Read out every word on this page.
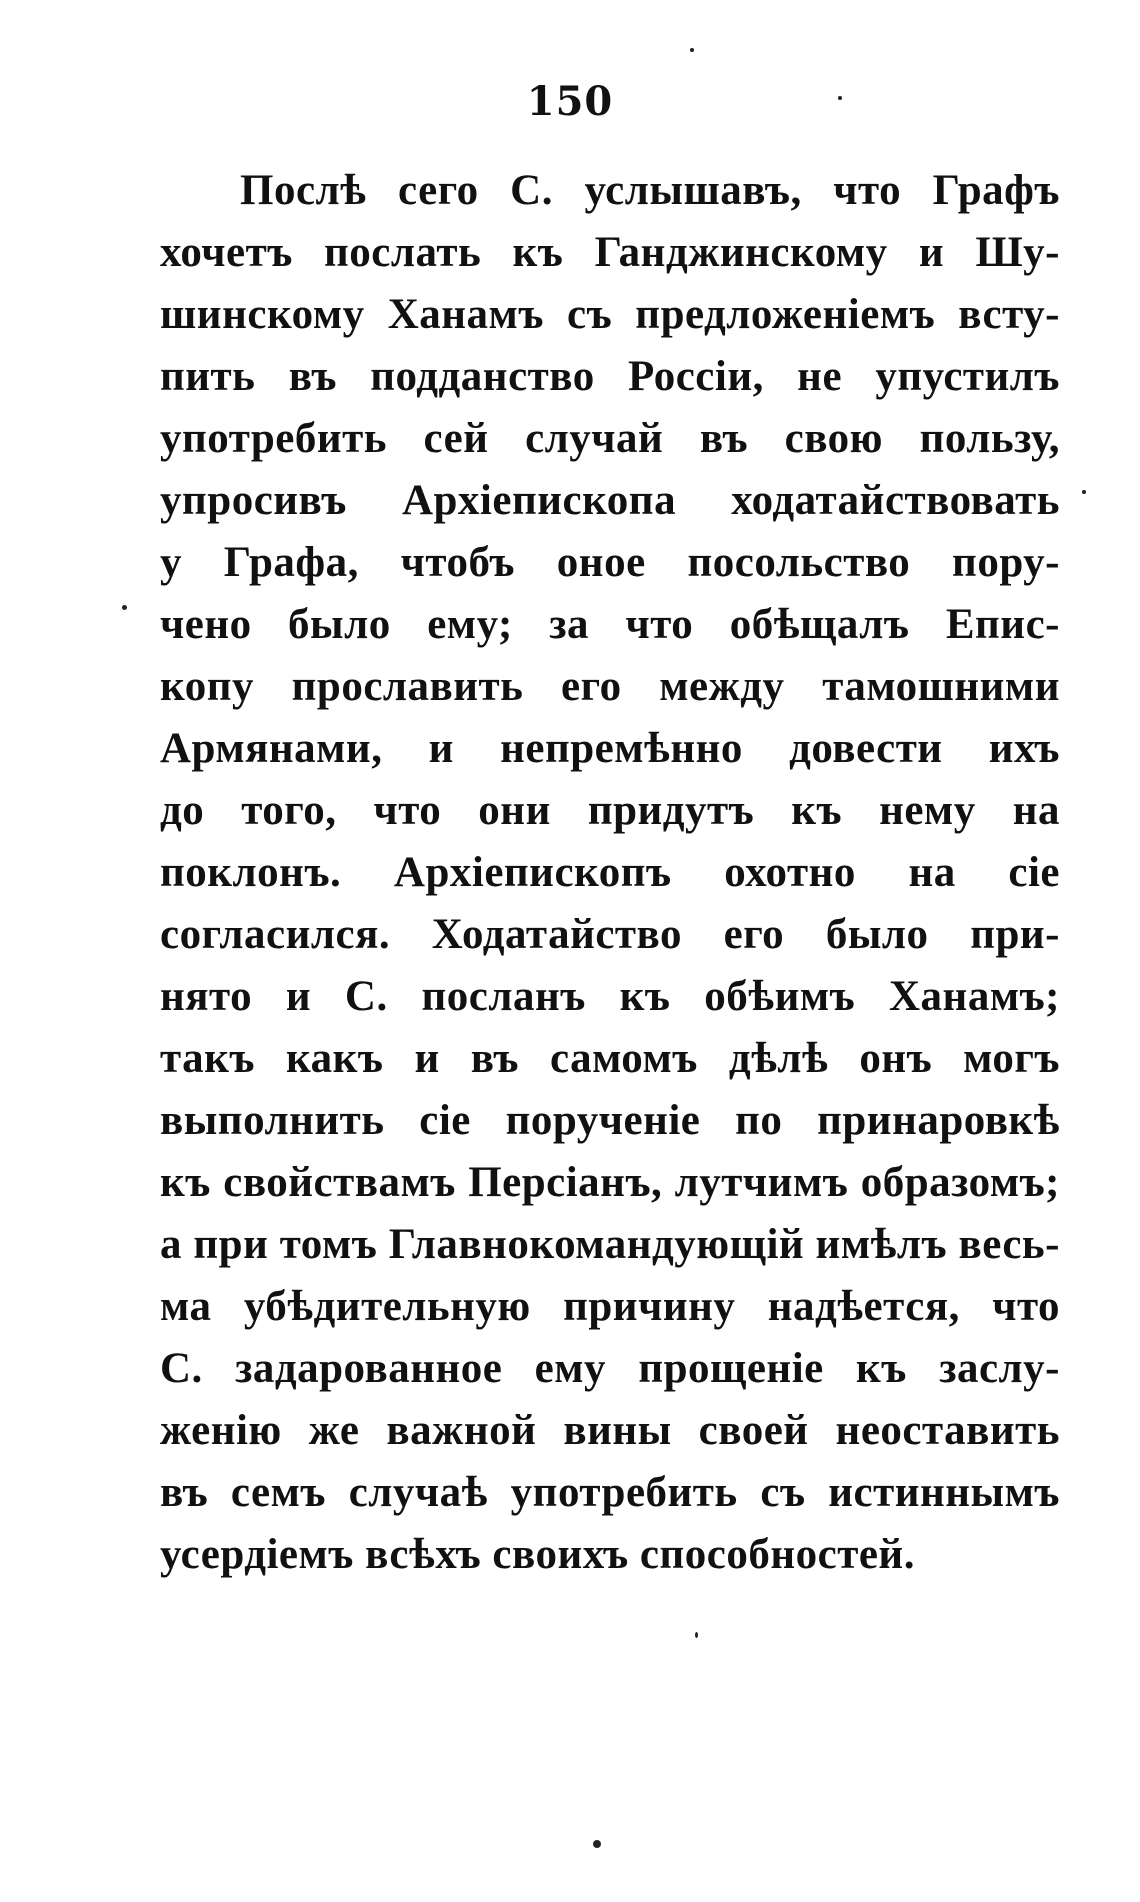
150
Послѣ сего С. услышавъ, что Графъ
хочетъ послать къ Ганджинскому и Шу-
шинскому Ханамъ съ предложеніемъ всту-
пить въ подданство Россіи, не упустилъ
употребить сей случай въ свою пользу,
упросивъ Архіепископа ходатайствовать
у Графа, чтобъ оное посольство пору-
чено было ему; за что обѣщалъ Епис-
копу прославить его между тамошними
Армянами, и непремѣнно довести ихъ
до того, что они придутъ къ нему на
поклонъ. Архіепископъ охотно на сіе
согласился. Ходатайство его было при-
нято и С. посланъ къ обѣимъ Ханамъ;
такъ какъ и въ самомъ дѣлѣ онъ могъ
выполнить сіе порученіе по принаровкѣ
къ свойствамъ Персіанъ, лутчимъ образомъ;
а при томъ Главнокомандующій имѣлъ весь-
ма убѣдительную причину надѣется, что
С. задарованное ему прощеніе къ заслу-
женію же важной вины своей неоставить
въ семъ случаѣ употребить съ истиннымъ
усердіемъ всѣхъ своихъ способностей.
